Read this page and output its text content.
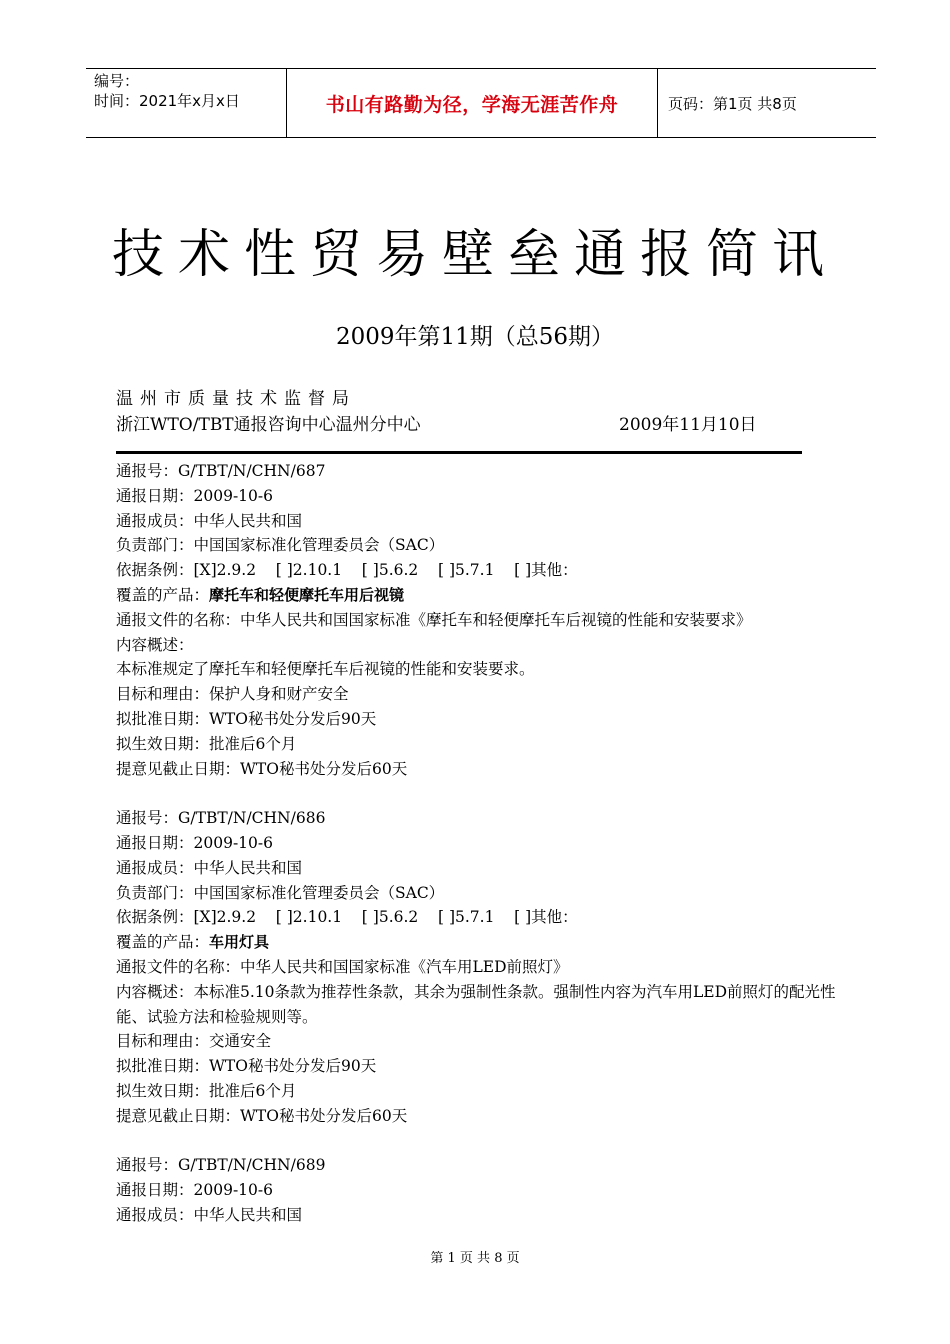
编号：
时间：2021年x月x日	书山有路勤为径，学海无涯苦作舟	页码：第1页 共8页
技术性贸易壁垒通报简讯
2009年第11期（总56期）
温州市质量技术监督局
浙江WTO/TBT通报咨询中心温州分中心	2009年11月10日
通报号：G/TBT/N/CHN/687
通报日期：2009-10-6
通报成员：中华人民共和国
负责部门：中国国家标准化管理委员会（SAC）
依据条例：[X]2.9.2    [ ]2.10.1    [ ]5.6.2    [ ]5.7.1    [ ]其他：
覆盖的产品：摩托车和轻便摩托车用后视镜
通报文件的名称：中华人民共和国国家标准《摩托车和轻便摩托车后视镜的性能和安装要求》
内容概述：
本标准规定了摩托车和轻便摩托车后视镜的性能和安装要求。
目标和理由：保护人身和财产安全
拟批准日期：WTO秘书处分发后90天
拟生效日期：批准后6个月
提意见截止日期：WTO秘书处分发后60天
通报号：G/TBT/N/CHN/686
通报日期：2009-10-6
通报成员：中华人民共和国
负责部门：中国国家标准化管理委员会（SAC）
依据条例：[X]2.9.2    [ ]2.10.1    [ ]5.6.2    [ ]5.7.1    [ ]其他：
覆盖的产品：车用灯具
通报文件的名称：中华人民共和国国家标准《汽车用LED前照灯》
内容概述：本标准5.10条款为推荐性条款，其余为强制性条款。强制性内容为汽车用LED前照灯的配光性能、试验方法和检验规则等。
目标和理由：交通安全
拟批准日期：WTO秘书处分发后90天
拟生效日期：批准后6个月
提意见截止日期：WTO秘书处分发后60天
通报号：G/TBT/N/CHN/689
通报日期：2009-10-6
通报成员：中华人民共和国
第 1 页 共 8 页
